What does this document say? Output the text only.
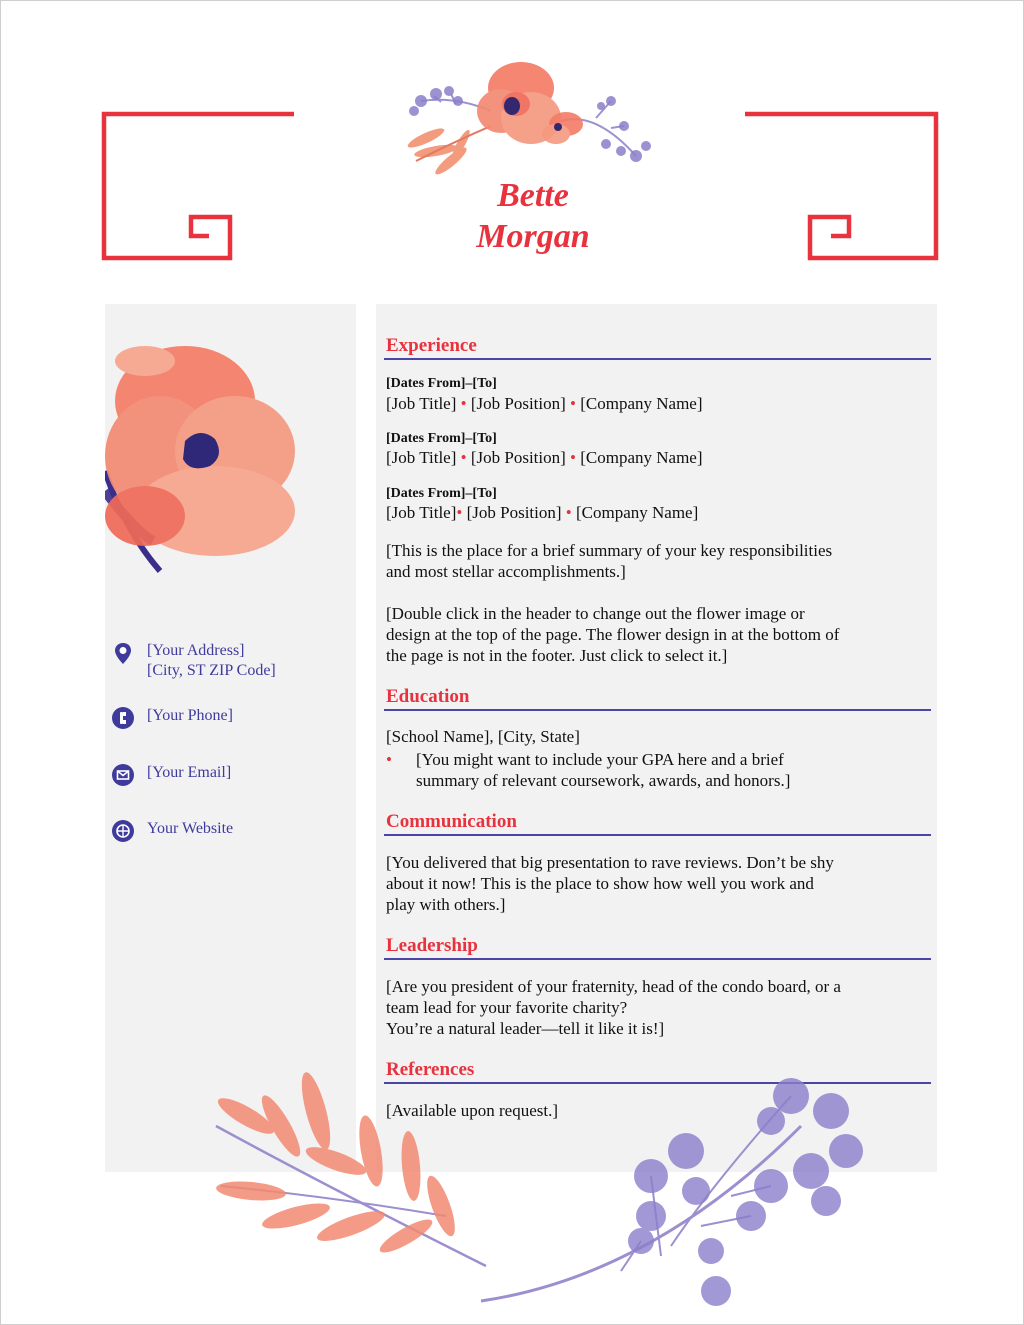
Bette
Morgan
[Your Address]
[City, ST ZIP Code]
[Your Phone]
[Your Email]
Your Website
Experience
[Dates From]–[To]
[Job Title] • [Job Position] • [Company Name]
[Dates From]–[To]
[Job Title] • [Job Position] • [Company Name]
[Dates From]–[To]
[Job Title]• [Job Position] • [Company Name]
[This is the place for a brief summary of your key responsibilities
and most stellar accomplishments.]
[Double click in the header to change out the flower image or
design at the top of the page. The flower design in at the bottom of
the page is not in the footer. Just click to select it.]
Education
[School Name], [City, State]
• [You might want to include your GPA here and a brief
summary of relevant coursework, awards, and honors.]
Communication
[You delivered that big presentation to rave reviews. Don’t be shy
about it now! This is the place to show how well you work and
play with others.]
Leadership
[Are you president of your fraternity, head of the condo board, or a
team lead for your favorite charity?
You’re a natural leader—tell it like it is!]
References
[Available upon request.]
